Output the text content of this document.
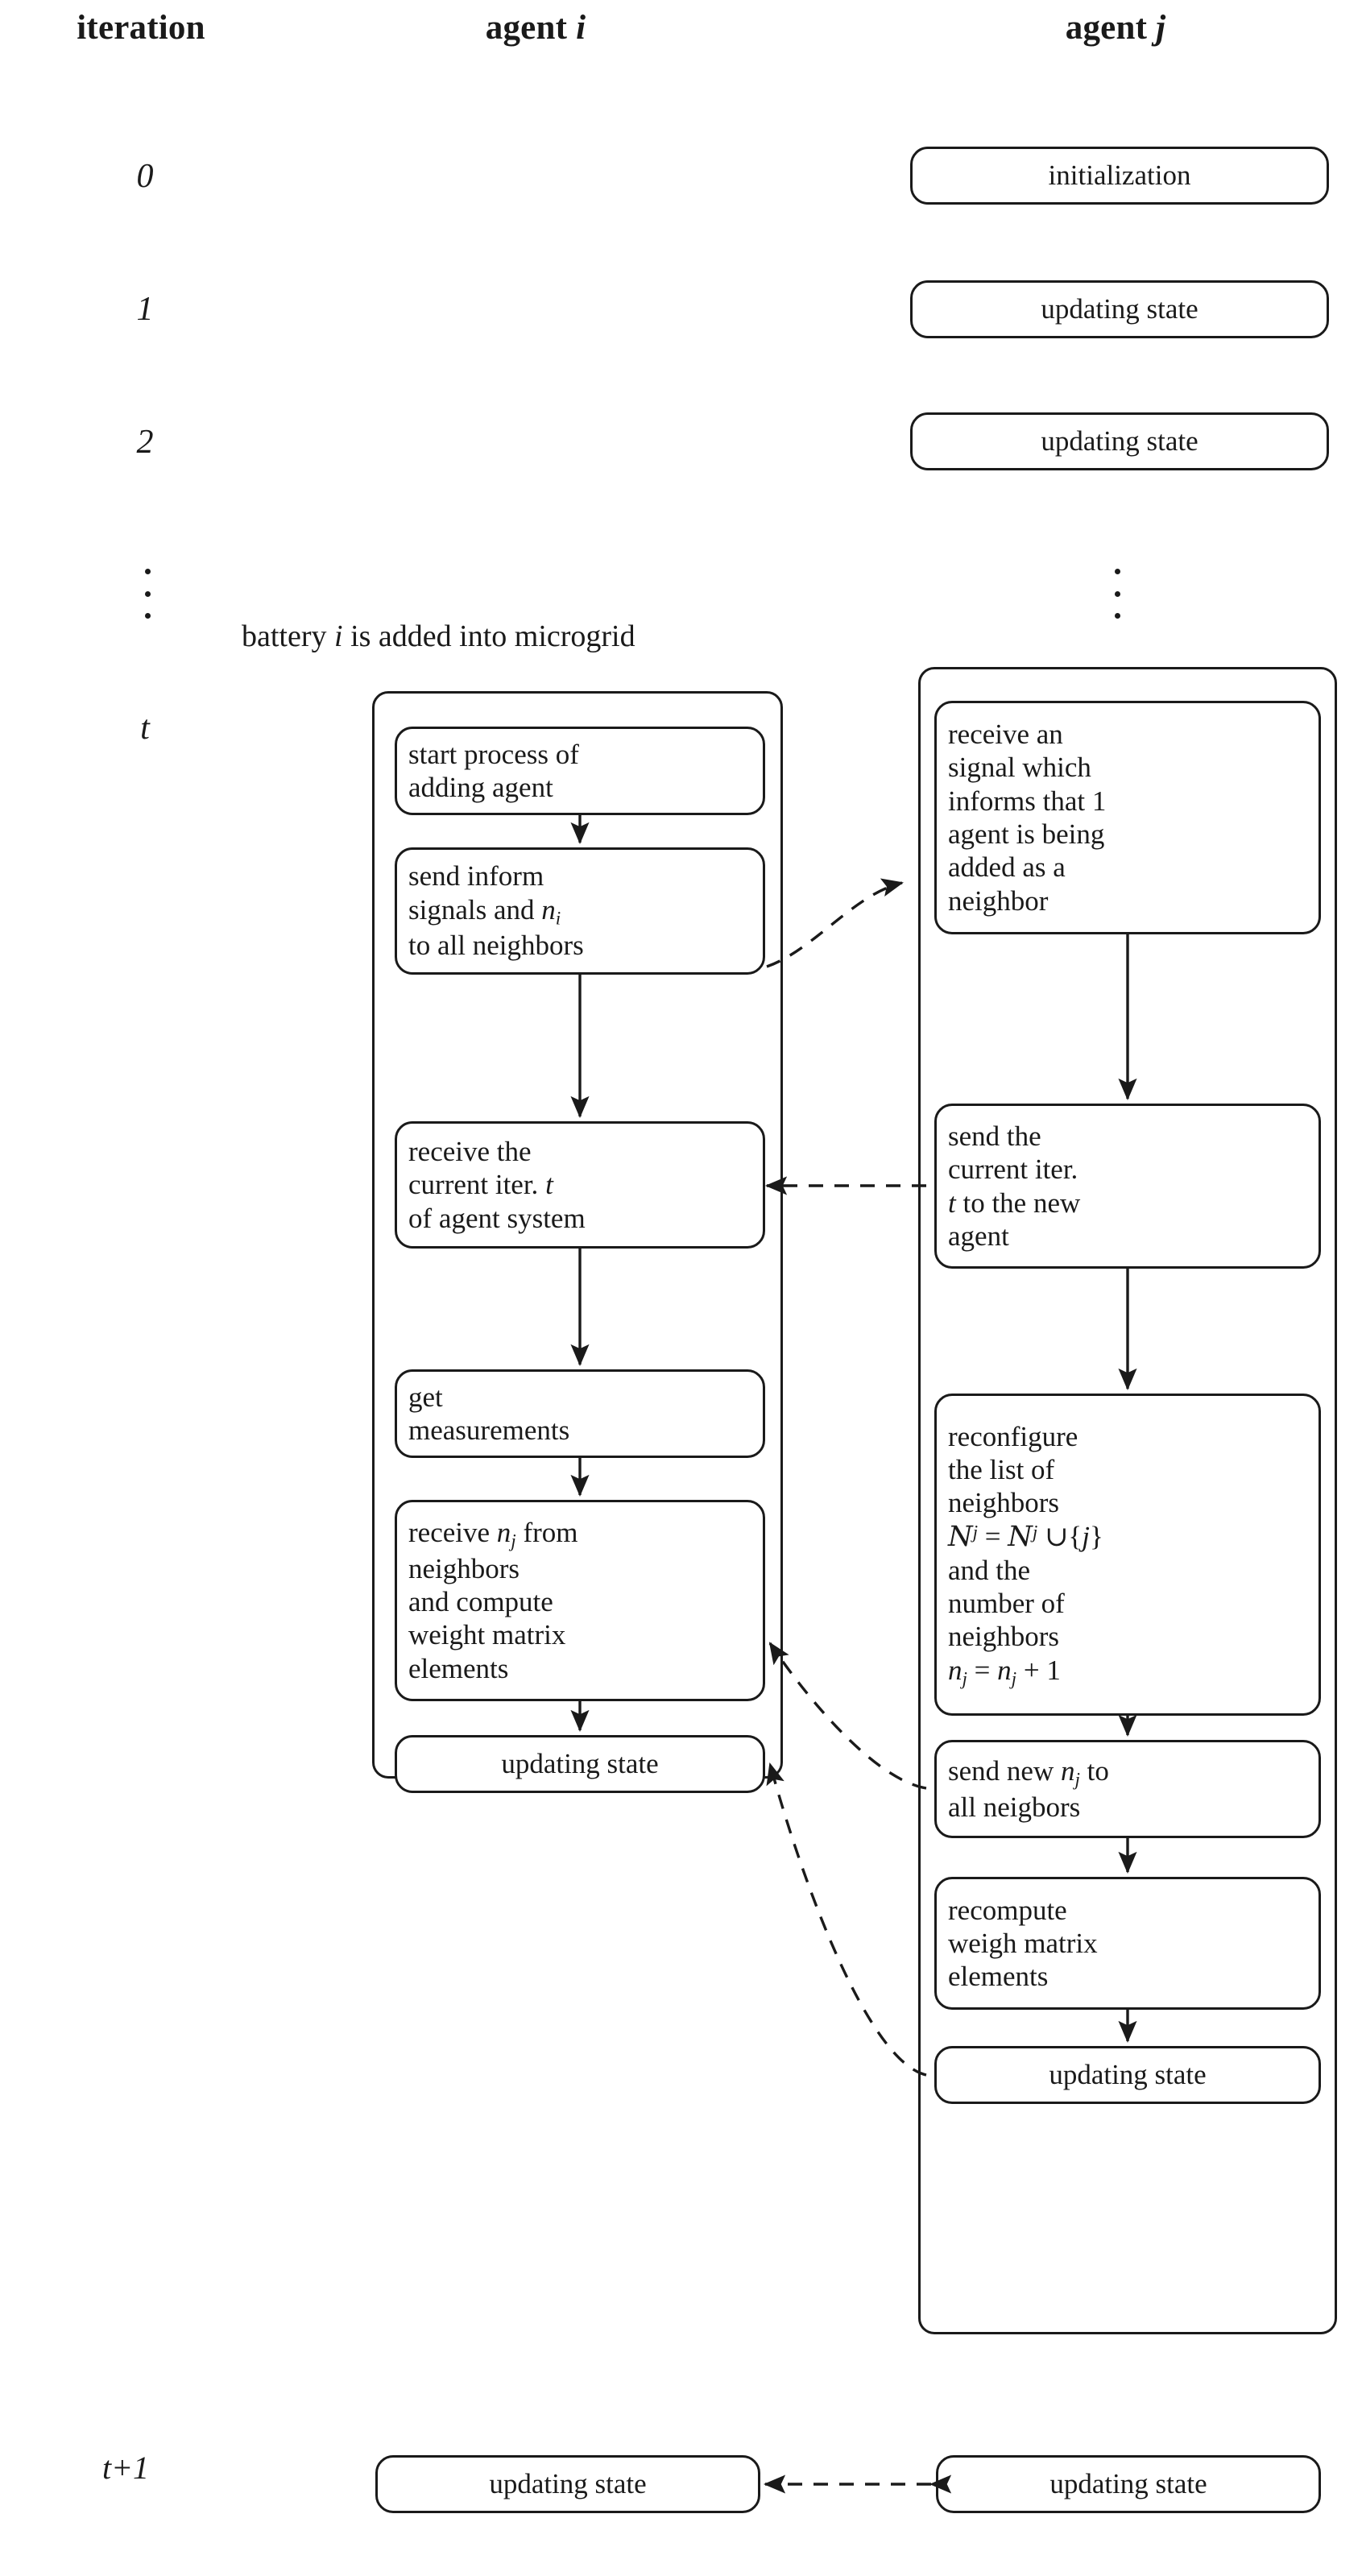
iteration	agent i	agent j
0
1
2
t
t+1
battery i is added into microgrid
initialization
updating state
updating state
start process of
adding agent
send inform
signals and $n_i$
to all neighbors
receive the
current iter. t
of agent system
get
measurements
receive $n_j$ from
neighbors
and compute
weight matrix
elements
updating state
receive an
signal which
informs that 1
agent is being
added as a
neighbor
send the
current iter.
t to the new
agent
reconfigure
the list of
neighbors
$N^j = N^j$ ∪{j}
and the
number of
neighbors
$n_j = n_j + 1$
send new $n_j$ to
all neigbors
recompute
weigh matrix
elements
updating state
updating state	updating state
